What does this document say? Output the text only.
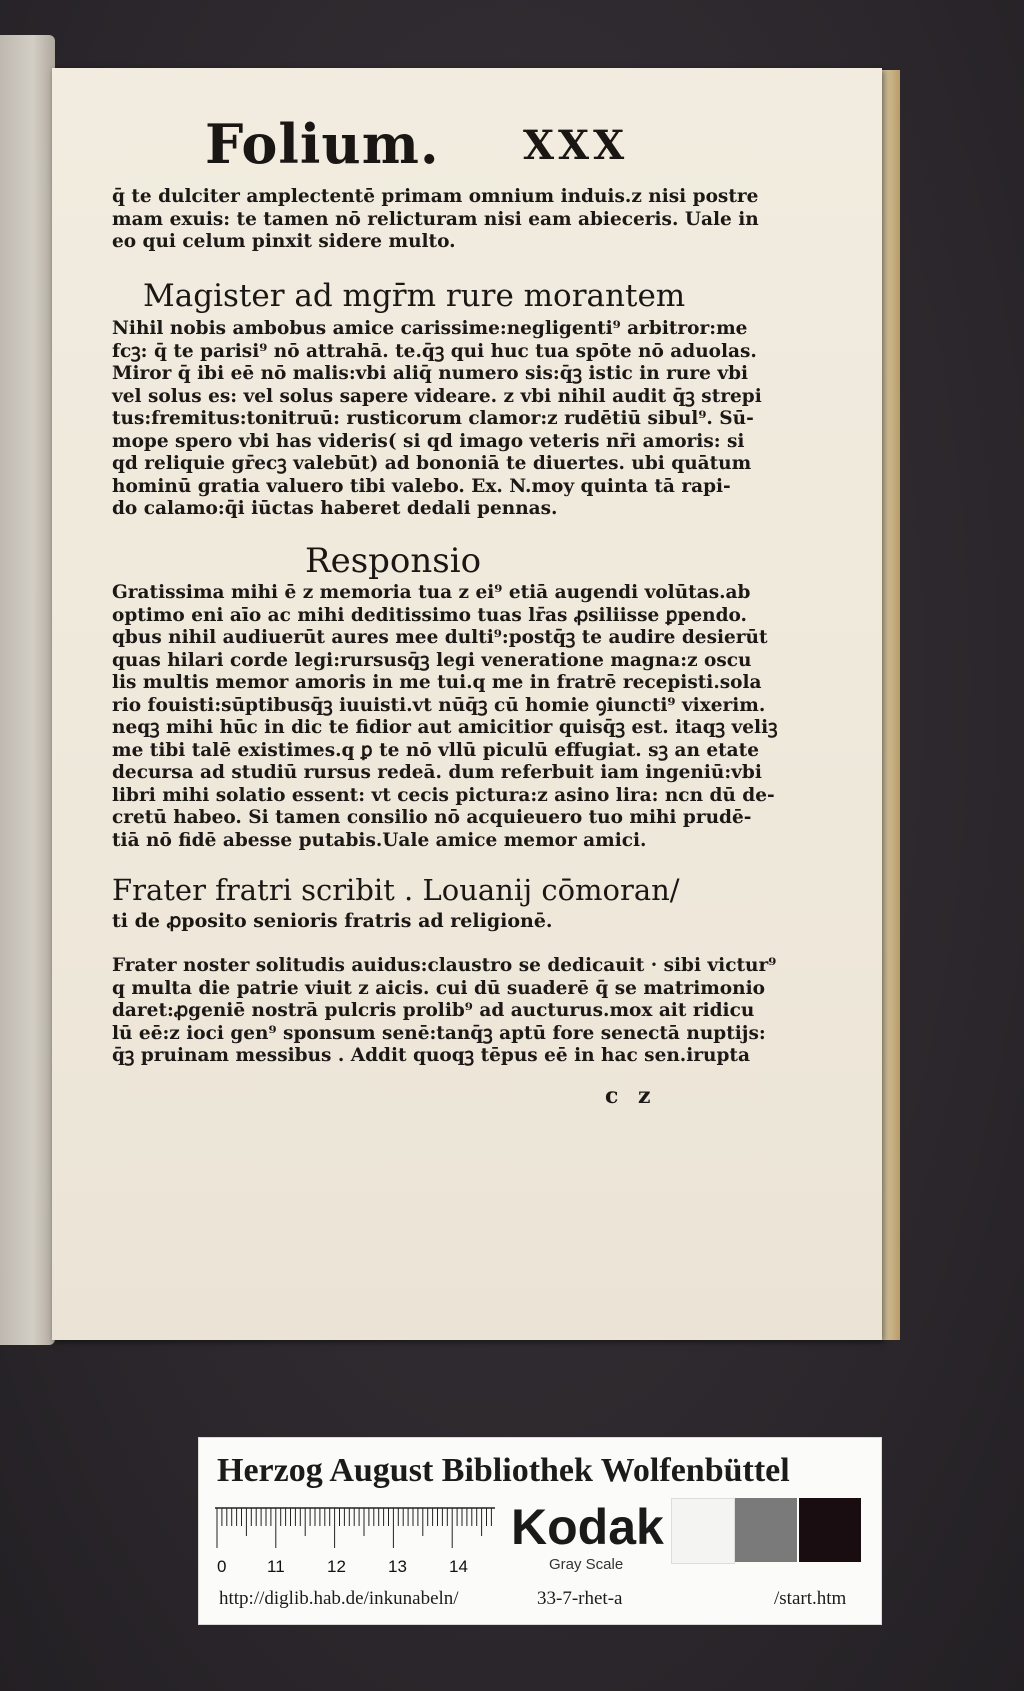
Folium. XXX
q̄ te dulciter amplectentē primam omnium induis.z nisi postre
mam exuis: te tamen nō relicturam nisi eam abieceris. Uale in
eo qui celum pinxit sidere multo.
Magister ad mgr̄m rure morantem
Nihil nobis ambobus amice carissime:negligenti⁹ arbitror:me
fcꝫ: q̄ te parisi⁹ nō attrahā. te.q̄ꝫ qui huc tua spōte nō aduolas.
Miror q̄ ibi eē nō malis:vbi aliq̄ numero sis:q̄ꝫ istic in rure vbi
vel solus es: vel solus sapere videare. z vbi nihil audit q̄ꝫ strepi
tus:fremitus:tonitruū: rusticorum clamor:z rudētiū sibul⁹. Sū-
mope spero vbi has videris( si qd imago veteris nr̄i amoris: si
qd reliquie gr̄ecꝫ valebūt) ad bononiā te diuertes. ubi quātum
hominū gratia valuero tibi valebo. Ex. N.moy quinta tā rapi-
do calamo:q̄i iūctas haberet dedali pennas.
Responsio
Gratissima mihi ē z memoria tua z ei⁹ etiā augendi volūtas.ab
optimo eni aīo ac mihi deditissimo tuas lr̄as ꝓsiliisse ꝑpendo.
qbus nihil audiuerūt aures mee dulti⁹:postq̄ꝫ te audire desierūt
quas hilari corde legi:rursusq̄ꝫ legi veneratione magna:z oscu
lis multis memor amoris in me tui.q me in fratrē recepisti.sola
rio fouisti:sūptibusq̄ꝫ iuuisti.vt nūq̄ꝫ cū homie ꝯiuncti⁹ vixerim.
neqꝫ mihi hūc in dic te fidior aut amicitior quisq̄ꝫ est. itaqꝫ veliꝫ
me tibi talē existimes.q ꝑ te nō vllū piculū effugiat. sꝫ an etate
decursa ad studiū rursus redeā. dum referbuit iam ingeniū:vbi
libri mihi solatio essent: vt cecis pictura:z asino lira: ncn dū de-
cretū habeo. Si tamen consilio nō acquieuero tuo mihi prudē-
tiā nō fidē abesse putabis.Uale amice memor amici.
Frater fratri scribit . Louanij cōmoran/
ti de ꝓposito senioris fratris ad religionē.
Frater noster solitudis auidus:claustro se dedicauit · sibi victur⁹
q multa die patrie viuit z aicis. cui dū suaderē q̄ se matrimonio
daret:ꝓgeniē nostrā pulcris prolib⁹ ad aucturus.mox ait ridicu
lū eē:z ioci gen⁹ sponsum senē:tanq̄ꝫ aptū fore senectā nuptijs:
q̄ꝫ pruinam messibus . Addit quoqꝫ tēpus eē in hac sen.irupta
c z
Herzog August Bibliothek Wolfenbüttel
0 11 12 13 14
Kodak
Gray Scale
http://diglib.hab.de/inkunabeln/	33-7-rhet-a	/start.htm
